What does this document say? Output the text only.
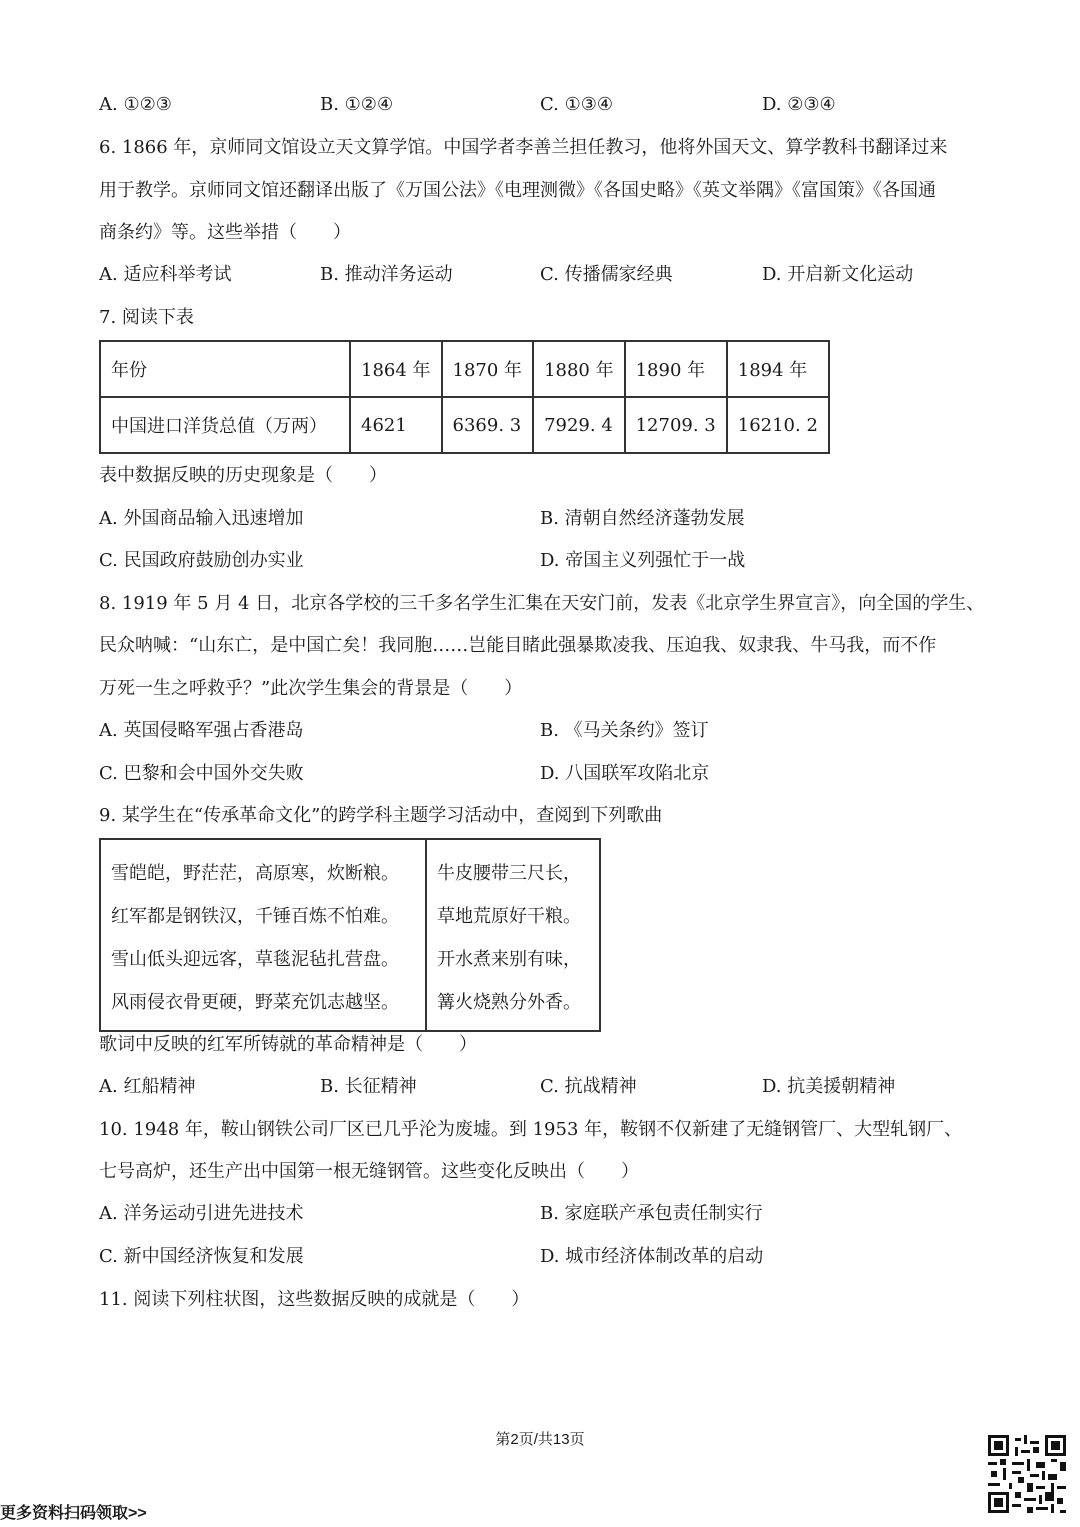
A. ①②③	B. ①②④	C. ①③④	D. ②③④
6. 1866 年，京师同文馆设立天文算学馆。中国学者李善兰担任教习，他将外国天文、算学教科书翻译过来
用于教学。京师同文馆还翻译出版了《万国公法》《电理测微》《各国史略》《英文举隅》《富国策》《各国通
商条约》等。这些举措（　　）
A. 适应科举考试	B. 推动洋务运动	C. 传播儒家经典	D. 开启新文化运动
7. 阅读下表
年份	1864 年	1870 年	1880 年	1890 年	1894 年
中国进口洋货总值（万两）	4621	6369. 3	7929. 4	12709. 3	16210. 2
表中数据反映的历史现象是（　　）
A. 外国商品输入迅速增加	B. 清朝自然经济蓬勃发展
C. 民国政府鼓励创办实业	D. 帝国主义列强忙于一战
8. 1919 年 5 月 4 日，北京各学校的三千多名学生汇集在天安门前，发表《北京学生界宣言》，向全国的学生、
民众呐喊：“山东亡，是中国亡矣！我同胞……岂能目睹此强暴欺凌我、压迫我、奴隶我、牛马我，而不作
万死一生之呼救乎？”此次学生集会的背景是（　　）
A. 英国侵略军强占香港岛	B. 《马关条约》签订
C. 巴黎和会中国外交失败	D. 八国联军攻陷北京
9. 某学生在“传承革命文化”的跨学科主题学习活动中，查阅到下列歌曲
雪皑皑，野茫茫，高原寒，炊断粮。
红军都是钢铁汉，千锤百炼不怕难。
雪山低头迎远客，草毯泥毡扎营盘。
风雨侵衣骨更硬，野菜充饥志越坚。

牛皮腰带三尺长，
草地荒原好干粮。
开水煮来别有味，
篝火烧熟分外香。
歌词中反映的红军所铸就的革命精神是（　　）
A. 红船精神	B. 长征精神	C. 抗战精神	D. 抗美援朝精神
10. 1948 年，鞍山钢铁公司厂区已几乎沦为废墟。到 1953 年，鞍钢不仅新建了无缝钢管厂、大型轧钢厂、
七号高炉，还生产出中国第一根无缝钢管。这些变化反映出（　　）
A. 洋务运动引进先进技术	B. 家庭联产承包责任制实行
C. 新中国经济恢复和发展	D. 城市经济体制改革的启动
11. 阅读下列柱状图，这些数据反映的成就是（　　）
第2页/共13页
更多资料扫码领取>>
